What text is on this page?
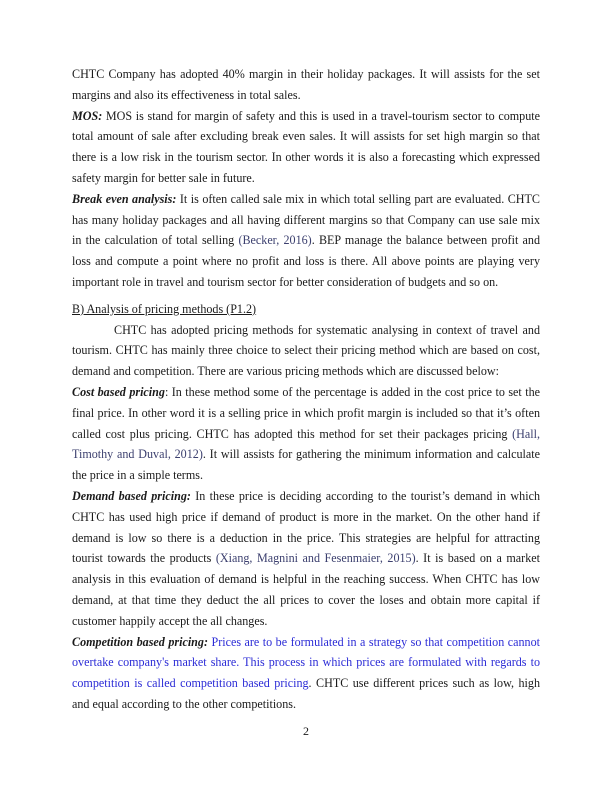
CHTC Company has adopted 40% margin in their holiday packages. It will assists for the set margins and also its effectiveness in total sales.

MOS: MOS is stand for margin of safety and this is used in a travel-tourism sector to compute total amount of sale after excluding break even sales. It will assists for set high margin so that there is a low risk in the tourism sector. In other words it is also a forecasting which expressed safety margin for better sale in future.

Break even analysis: It is often called sale mix in which total selling part are evaluated. CHTC has many holiday packages and all having different margins so that Company can use sale mix in the calculation of total selling (Becker, 2016). BEP manage the balance between profit and loss and compute a point where no profit and loss is there. All above points are playing very important role in travel and tourism sector for better consideration of budgets and so on.

B) Analysis of pricing methods (P1.2)

CHTC has adopted pricing methods for systematic analysing in context of travel and tourism. CHTC has mainly three choice to select their pricing method which are based on cost, demand and competition. There are various pricing methods which are discussed below:

Cost based pricing: In these method some of the percentage is added in the cost price to set the final price. In other word it is a selling price in which profit margin is included so that it’s often called cost plus pricing. CHTC has adopted this method for set their packages pricing (Hall, Timothy and Duval, 2012). It will assists for gathering the minimum information and calculate the price in a simple terms.

Demand based pricing: In these price is deciding according to the tourist’s demand in which CHTC has used high price if demand of product is more in the market. On the other hand if demand is low so there is a deduction in the price. This strategies are helpful for attracting tourist towards the products (Xiang, Magnini and Fesenmaier, 2015). It is based on a market analysis in this evaluation of demand is helpful in the reaching success. When CHTC has low demand, at that time they deduct the all prices to cover the loses and obtain more capital if customer happily accept the all changes.

Competition based pricing: Prices are to be formulated in a strategy so that competition cannot overtake company's market share. This process in which prices are formulated with regards to competition is called competition based pricing. CHTC use different prices such as low, high and equal according to the other competitions.

2
